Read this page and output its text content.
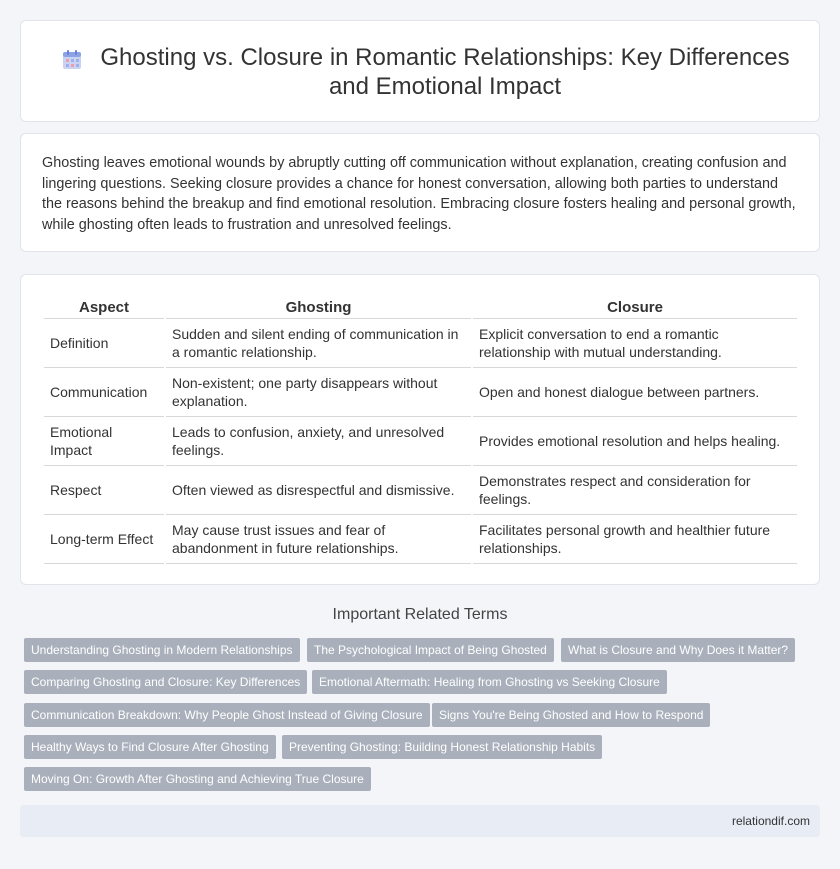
Ghosting vs. Closure in Romantic Relationships: Key Differences and Emotional Impact

Ghosting leaves emotional wounds by abruptly cutting off communication without explanation, creating confusion and lingering questions. Seeking closure provides a chance for honest conversation, allowing both parties to understand the reasons behind the breakup and find emotional resolution. Embracing closure fosters healing and personal growth, while ghosting often leads to frustration and unresolved feelings.

Aspect	Ghosting	Closure
Definition	Sudden and silent ending of communication in a romantic relationship.	Explicit conversation to end a romantic relationship with mutual understanding.
Communication	Non-existent; one party disappears without explanation.	Open and honest dialogue between partners.
Emotional Impact	Leads to confusion, anxiety, and unresolved feelings.	Provides emotional resolution and helps healing.
Respect	Often viewed as disrespectful and dismissive.	Demonstrates respect and consideration for feelings.
Long-term Effect	May cause trust issues and fear of abandonment in future relationships.	Facilitates personal growth and healthier future relationships.
Important Related Terms
Understanding Ghosting in Modern Relationships	The Psychological Impact of Being Ghosted	What is Closure and Why Does it Matter?
Comparing Ghosting and Closure: Key Differences	Emotional Aftermath: Healing from Ghosting vs Seeking Closure
Communication Breakdown: Why People Ghost Instead of Giving Closure	Signs You're Being Ghosted and How to Respond
Healthy Ways to Find Closure After Ghosting	Preventing Ghosting: Building Honest Relationship Habits
Moving On: Growth After Ghosting and Achieving True Closure
relationdif.com
